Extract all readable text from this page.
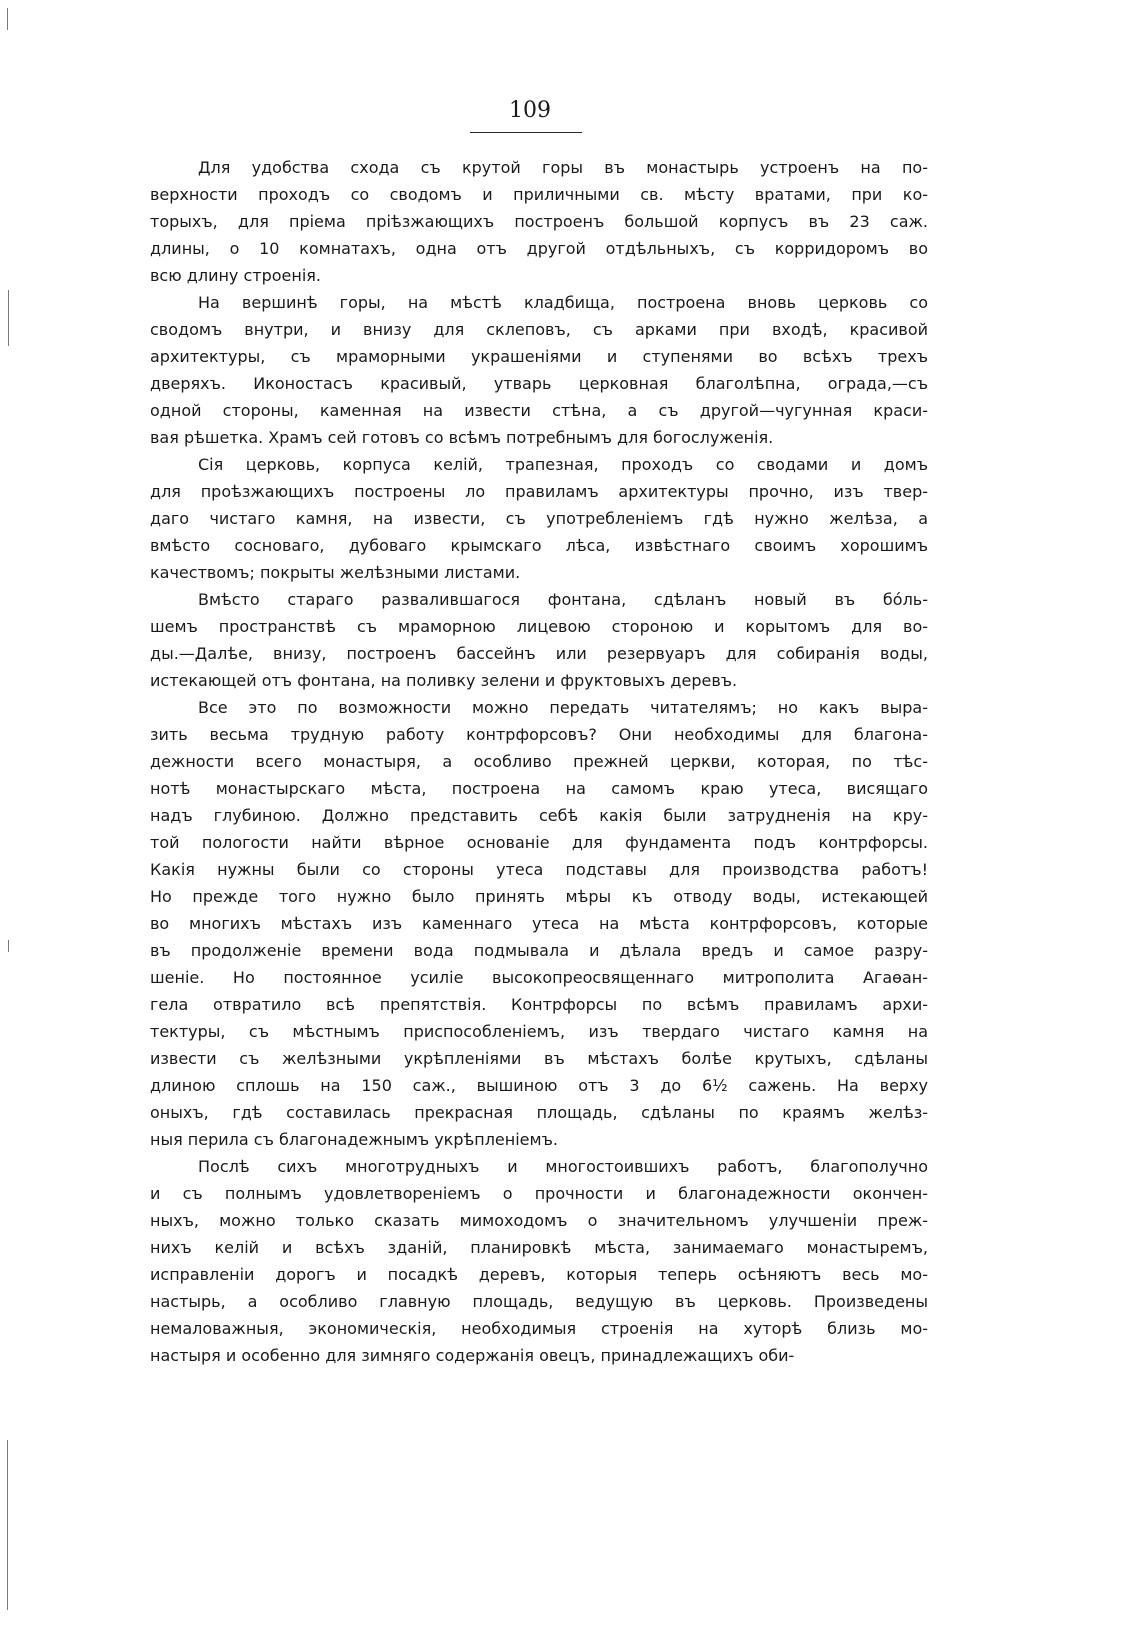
109
Для удобства схода съ крутой горы въ монастырь устроенъ на по-
верхности проходъ со сводомъ и приличными св. мѣсту вратами, при ко-
торыхъ, для пріема пріѣзжающихъ построенъ большой корпусъ въ 23 саж.
длины, о 10 комнатахъ, одна отъ другой отдѣльныхъ, съ корридоромъ во
всю длину строенія.
На вершинѣ горы, на мѣстѣ кладбища, построена вновь церковь со
сводомъ внутри, и внизу для склеповъ, съ арками при входѣ, красивой
архитектуры, съ мраморными украшеніями и ступенями во всѣхъ трехъ
дверяхъ. Иконостасъ красивый, утварь церковная благолѣпна, ограда,—съ
одной стороны, каменная на извести стѣна, а съ другой—чугунная краси-
вая рѣшетка. Храмъ сей готовъ со всѣмъ потребнымъ для богослуженія.
Сія церковь, корпуса келій, трапезная, проходъ со сводами и домъ
для проѣзжающихъ построены ло правиламъ архитектуры прочно, изъ твер-
даго чистаго камня, на извести, съ употребленіемъ гдѣ нужно желѣза, а
вмѣсто сосноваго, дубоваго крымскаго лѣса, извѣстнаго своимъ хорошимъ
качествомъ; покрыты желѣзными листами.
Вмѣсто стараго развалившагося фонтана, сдѣланъ новый въ бóль-
шемъ пространствѣ съ мраморною лицевою стороною и корытомъ для во-
ды.—Далѣе, внизу, построенъ бассейнъ или резервуаръ для собиранія воды,
истекающей отъ фонтана, на поливку зелени и фруктовыхъ деревъ.
Все это по возможности можно передать читателямъ; но какъ выра-
зить весьма трудную работу контрфорсовъ? Они необходимы для благона-
дежности всего монастыря, а особливо прежней церкви, которая, по тѣс-
нотѣ монастырскаго мѣста, построена на самомъ краю утеса, висящаго
надъ глубиною. Должно представить себѣ какія были затрудненія на кру-
той пологости найти вѣрное основаніе для фундамента подъ контрфорсы.
Какія нужны были со стороны утеса подставы для производства работъ!
Но прежде того нужно было принять мѣры къ отводу воды, истекающей
во многихъ мѣстахъ изъ каменнаго утеса на мѣста контрфорсовъ, которые
въ продолженіе времени вода подмывала и дѣлала вредъ и самое разру-
шеніе. Но постоянное усиліе высокопреосвященнаго митрополита Агаѳан-
гела отвратило всѣ препятствія. Контрфорсы по всѣмъ правиламъ архи-
тектуры, съ мѣстнымъ приспособленіемъ, изъ твердаго чистаго камня на
извести съ желѣзными укрѣпленіями въ мѣстахъ болѣе крутыхъ, сдѣланы
длиною сплошь на 150 саж., вышиною отъ 3 до 6½ сажень. На верху
оныхъ, гдѣ составилась прекрасная площадь, сдѣланы по краямъ желѣз-
ныя перила съ благонадежнымъ укрѣпленіемъ.
Послѣ сихъ многотрудныхъ и многостоившихъ работъ, благополучно
и съ полнымъ удовлетвореніемъ о прочности и благонадежности окончен-
ныхъ, можно только сказать мимоходомъ о значительномъ улучшеніи преж-
нихъ келій и всѣхъ зданій, планировкѣ мѣста, занимаемаго монастыремъ,
исправленіи дорогъ и посадкѣ деревъ, которыя теперь осѣняютъ весь мо-
настырь, а особливо главную площадь, ведущую въ церковь. Произведены
немаловажныя, экономическія, необходимыя строенія на хуторѣ близь мо-
настыря и особенно для зимняго содержанія овецъ, принадлежащихъ оби-
